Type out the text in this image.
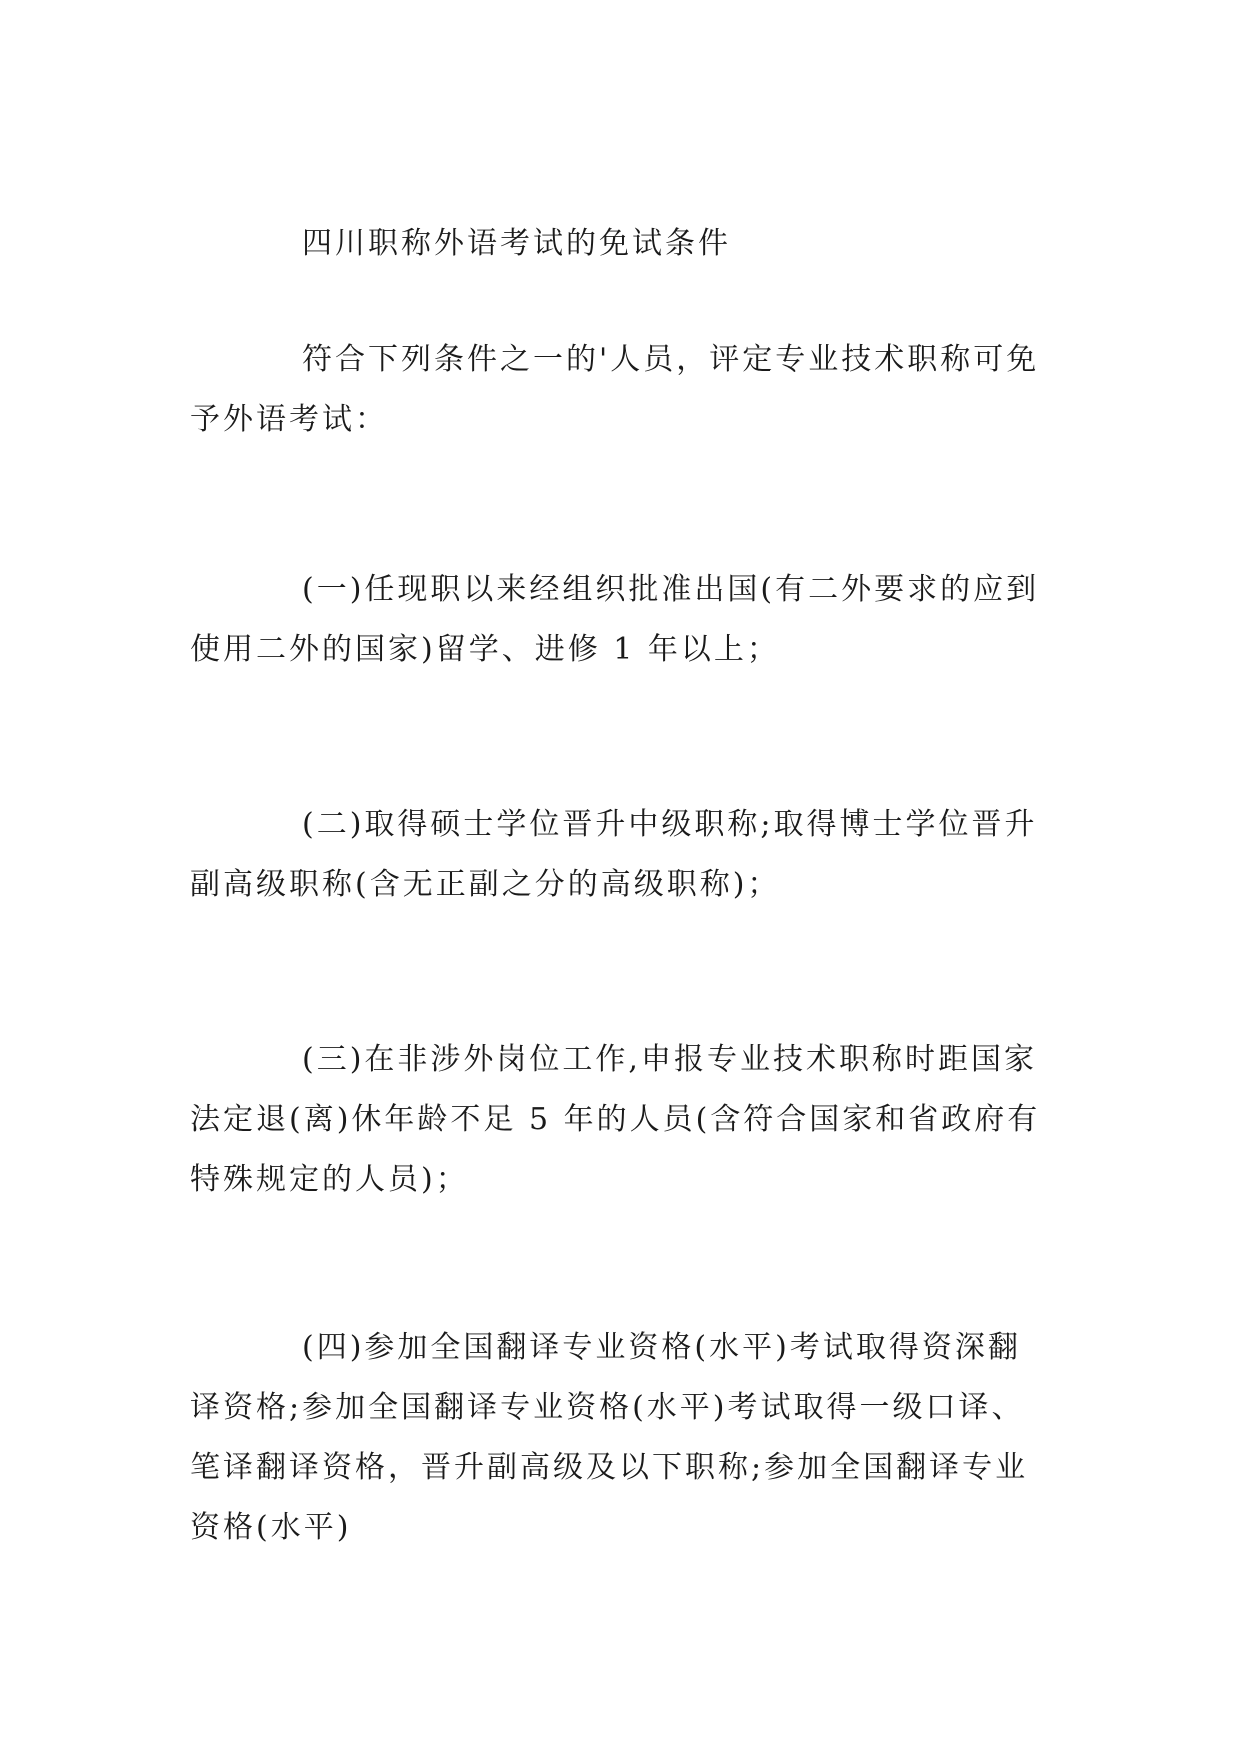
四川职称外语考试的免试条件

符合下列条件之一的'人员，评定专业技术职称可免予外语考试：

(一)任现职以来经组织批准出国(有二外要求的应到使用二外的国家)留学、进修 1 年以上；

(二)取得硕士学位晋升中级职称;取得博士学位晋升副高级职称(含无正副之分的高级职称)；

(三)在非涉外岗位工作,申报专业技术职称时距国家法定退(离)休年龄不足 5 年的人员(含符合国家和省政府有特殊规定的人员)；

(四)参加全国翻译专业资格(水平)考试取得资深翻译资格;参加全国翻译专业资格(水平)考试取得一级口译、笔译翻译资格，晋升副高级及以下职称;参加全国翻译专业资格(水平)
